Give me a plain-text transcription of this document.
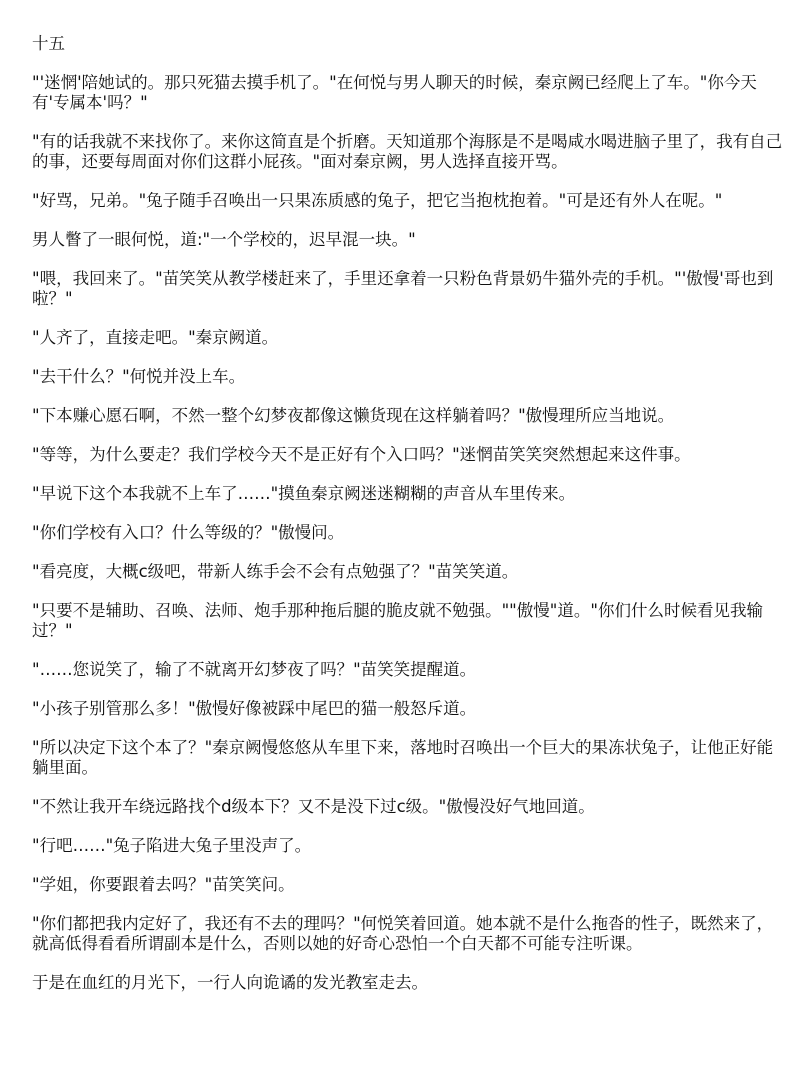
十五
"'迷惘'陪她试的。那只死猫去摸手机了。"在何悦与男人聊天的时候，秦京阙已经爬上了车。"你今天有'专属本'吗？"
"有的话我就不来找你了。来你这简直是个折磨。天知道那个海豚是不是喝咸水喝进脑子里了，我有自己的事，还要每周面对你们这群小屁孩。"面对秦京阙，男人选择直接开骂。
"好骂，兄弟。"兔子随手召唤出一只果冻质感的兔子，把它当抱枕抱着。"可是还有外人在呢。"
男人瞥了一眼何悦，道:"一个学校的，迟早混一块。"
"喂，我回来了。"苗笑笑从教学楼赶来了，手里还拿着一只粉色背景奶牛猫外壳的手机。"'傲慢'哥也到啦？"
"人齐了，直接走吧。"秦京阙道。
"去干什么？"何悦并没上车。
"下本赚心愿石啊，不然一整个幻梦夜都像这懒货现在这样躺着吗？"傲慢理所应当地说。
"等等，为什么要走？我们学校今天不是正好有个入口吗？"迷惘苗笑笑突然想起来这件事。
"早说下这个本我就不上车了……"摸鱼秦京阙迷迷糊糊的声音从车里传来。
"你们学校有入口？什么等级的？"傲慢问。
"看亮度，大概c级吧，带新人练手会不会有点勉强了？"苗笑笑道。
"只要不是辅助、召唤、法师、炮手那种拖后腿的脆皮就不勉强。""傲慢"道。"你们什么时候看见我输过？"
"……您说笑了，输了不就离开幻梦夜了吗？"苗笑笑提醒道。
"小孩子别管那么多！"傲慢好像被踩中尾巴的猫一般怒斥道。
"所以决定下这个本了？"秦京阙慢悠悠从车里下来，落地时召唤出一个巨大的果冻状兔子，让他正好能躺里面。
"不然让我开车绕远路找个d级本下？又不是没下过c级。"傲慢没好气地回道。
"行吧……"兔子陷进大兔子里没声了。
"学姐，你要跟着去吗？"苗笑笑问。
"你们都把我内定好了，我还有不去的理吗？"何悦笑着回道。她本就不是什么拖沓的性子，既然来了，就高低得看看所谓副本是什么，否则以她的好奇心恐怕一个白天都不可能专注听课。
于是在血红的月光下，一行人向诡谲的发光教室走去。
